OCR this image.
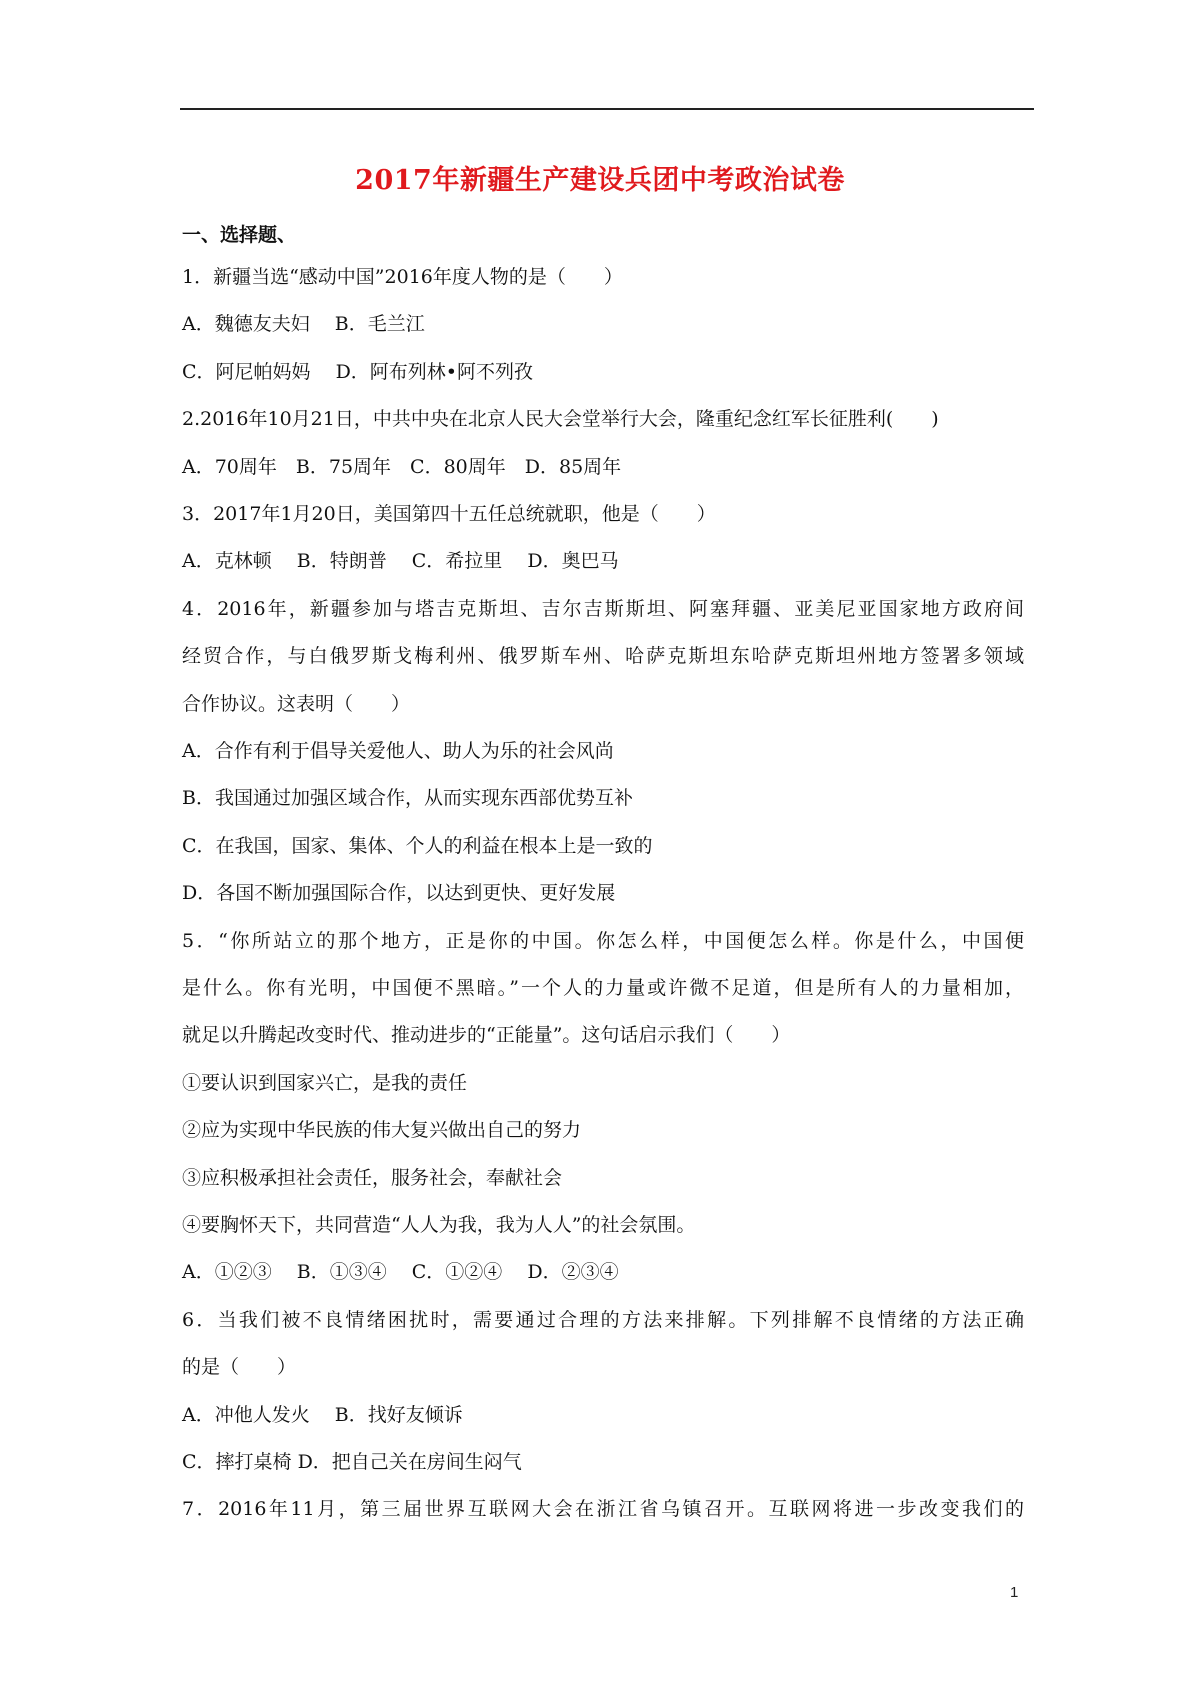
2017年新疆生产建设兵团中考政治试卷
一、选择题、
1．新疆当选“感动中国”2016年度人物的是（　　）
A．魏德友夫妇　 B．毛兰江
C．阿尼帕妈妈　 D．阿布列林•阿不列孜
2.2016年10月21日，中共中央在北京人民大会堂举行大会，隆重纪念红军长征胜利(　　)
A．70周年　B．75周年　C．80周年　D．85周年
3．2017年1月20日，美国第四十五任总统就职，他是（　　）
A．克林顿　 B．特朗普　 C．希拉里　 D．奥巴马
4．2016年，新疆参加与塔吉克斯坦、吉尔吉斯斯坦、阿塞拜疆、亚美尼亚国家地方政府间
经贸合作，与白俄罗斯戈梅利州、俄罗斯车州、哈萨克斯坦东哈萨克斯坦州地方签署多领域
合作协议。这表明（　　）
A．合作有利于倡导关爱他人、助人为乐的社会风尚
B．我国通过加强区域合作，从而实现东西部优势互补
C．在我国，国家、集体、个人的利益在根本上是一致的
D．各国不断加强国际合作，以达到更快、更好发展
5．“你所站立的那个地方，正是你的中国。你怎么样，中国便怎么样。你是什么，中国便
是什么。你有光明，中国便不黑暗。”一个人的力量或许微不足道，但是所有人的力量相加，
就足以升腾起改变时代、推动进步的“正能量”。这句话启示我们（　　）
①要认识到国家兴亡，是我的责任
②应为实现中华民族的伟大复兴做出自己的努力
③应积极承担社会责任，服务社会，奉献社会
④要胸怀天下，共同营造“人人为我，我为人人”的社会氛围。
A．①②③　 B．①③④　 C．①②④　 D．②③④
6．当我们被不良情绪困扰时，需要通过合理的方法来排解。下列排解不良情绪的方法正确
的是（　　）
A．冲他人发火　 B．找好友倾诉
C．摔打桌椅 D．把自己关在房间生闷气
7．2016年11月，第三届世界互联网大会在浙江省乌镇召开。互联网将进一步改变我们的
1
